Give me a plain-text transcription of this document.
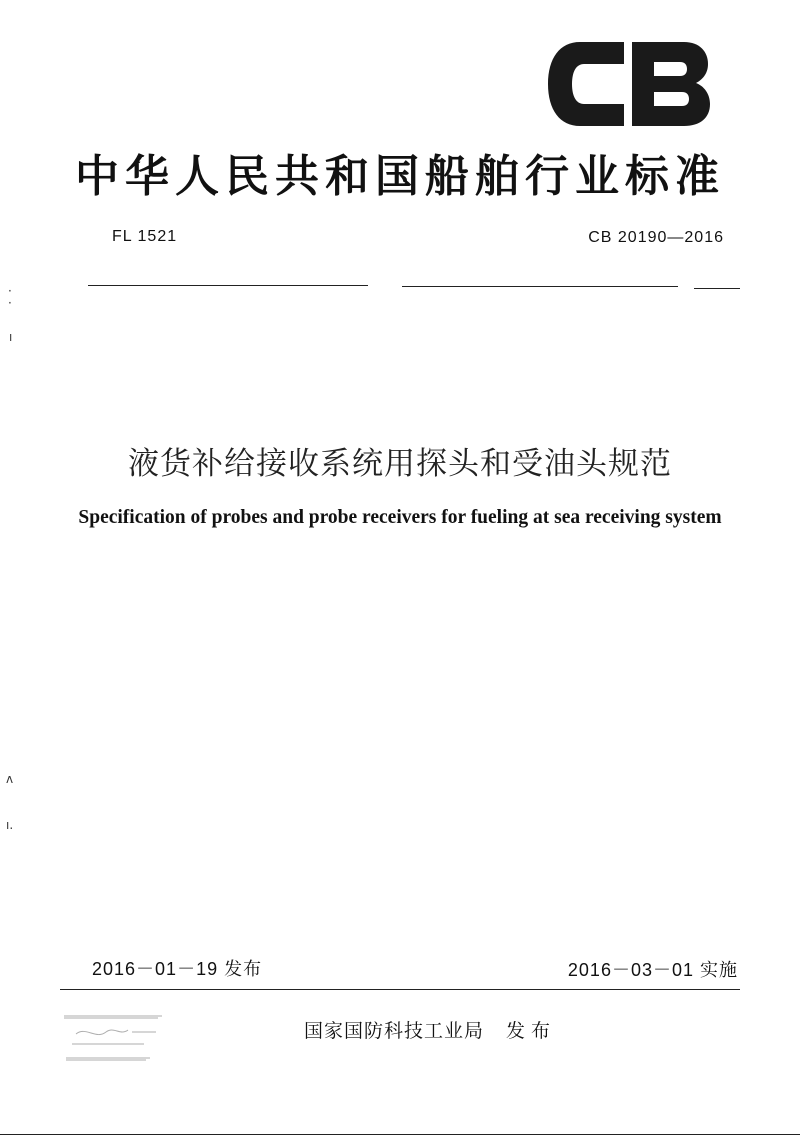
中华人民共和国船舶行业标准
FL 1521	CB 20190—2016
·
·
ı
ʌ
ı.
液货补给接收系统用探头和受油头规范
Specification of probes and probe receivers for fueling at sea receiving system
2016－01－19 发布	2016－03－01 实施
国家国防科技工业局 发布
